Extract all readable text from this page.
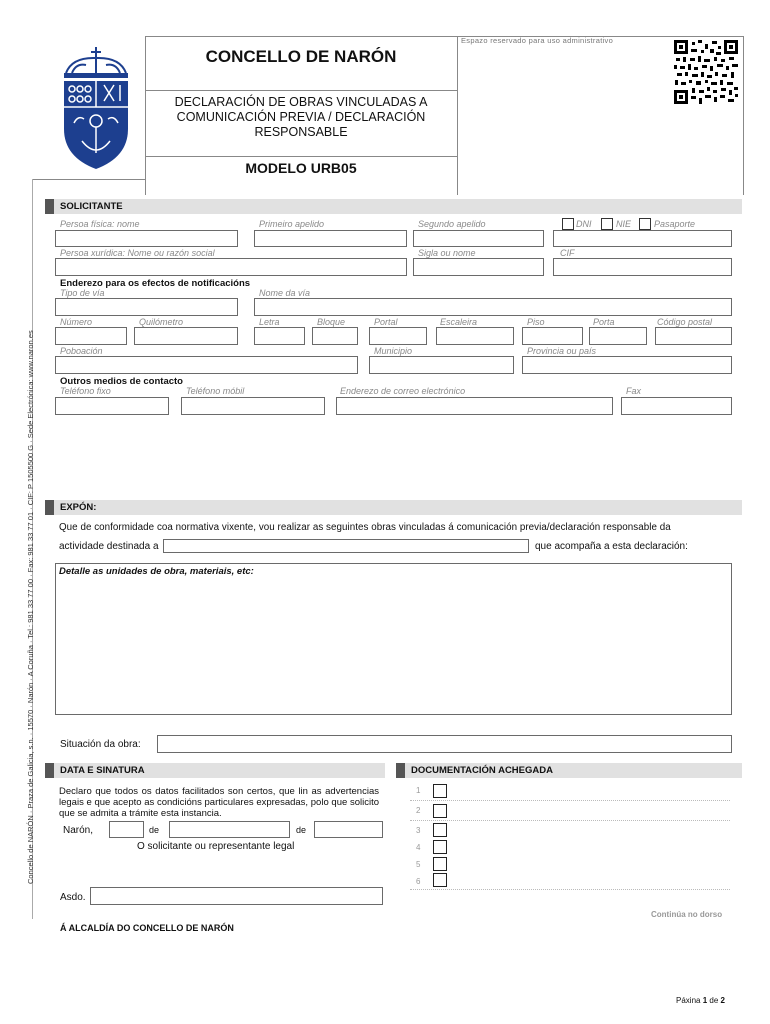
CONCELLO DE NARÓN
DECLARACIÓN DE OBRAS VINCULADAS A COMUNICACIÓN PREVIA / DECLARACIÓN RESPONSABLE
MODELO URB05
Espazo reservado para uso administrativo
Concello de NARÓN · Praza de Galicia, s.n. · 15570 · Narón · A Coruña · Tel.: 981 33 77 00 · Fax: 981 33 77 01 · CIF: P 1505500 G · Sede Electrónica: www.naron.es
SOLICITANTE
Persoa física: nome	Primeiro apelido	Segundo apelido	DNI	NIE	Pasaporte
Persoa xurídica: Nome ou razón social	Sigla ou nome	CIF
Enderezo para os efectos de notificacións
Tipo de vía	Nome da vía
Número	Quilómetro	Letra	Bloque	Portal	Escaleira	Piso	Porta	Código postal
Poboación	Municipio	Provincia ou país
Outros medios de contacto
Teléfono fixo	Teléfono móbil	Enderezo de correo electrónico	Fax
EXPÓN:
Que de conformidade coa normativa vixente, vou realizar as seguintes obras vinculadas á comunicación previa/declaración responsable da
actividade destinada a	que acompaña a esta declaración:
Detalle as unidades de obra, materiais, etc:
Situación da obra:
DATA E SINATURA
Declaro que todos os datos facilitados son certos, que lin as advertencias legais e que acepto as condicións particulares expresadas, polo que solicito que se admita a trámite esta instancia.
Narón,	de	de
O solicitante ou representante legal
Asdo.
DOCUMENTACIÓN ACHEGADA
1
2
3
4
5
6
Continúa no dorso
Á ALCALDÍA DO CONCELLO DE NARÓN
Páxina 1 de 2
